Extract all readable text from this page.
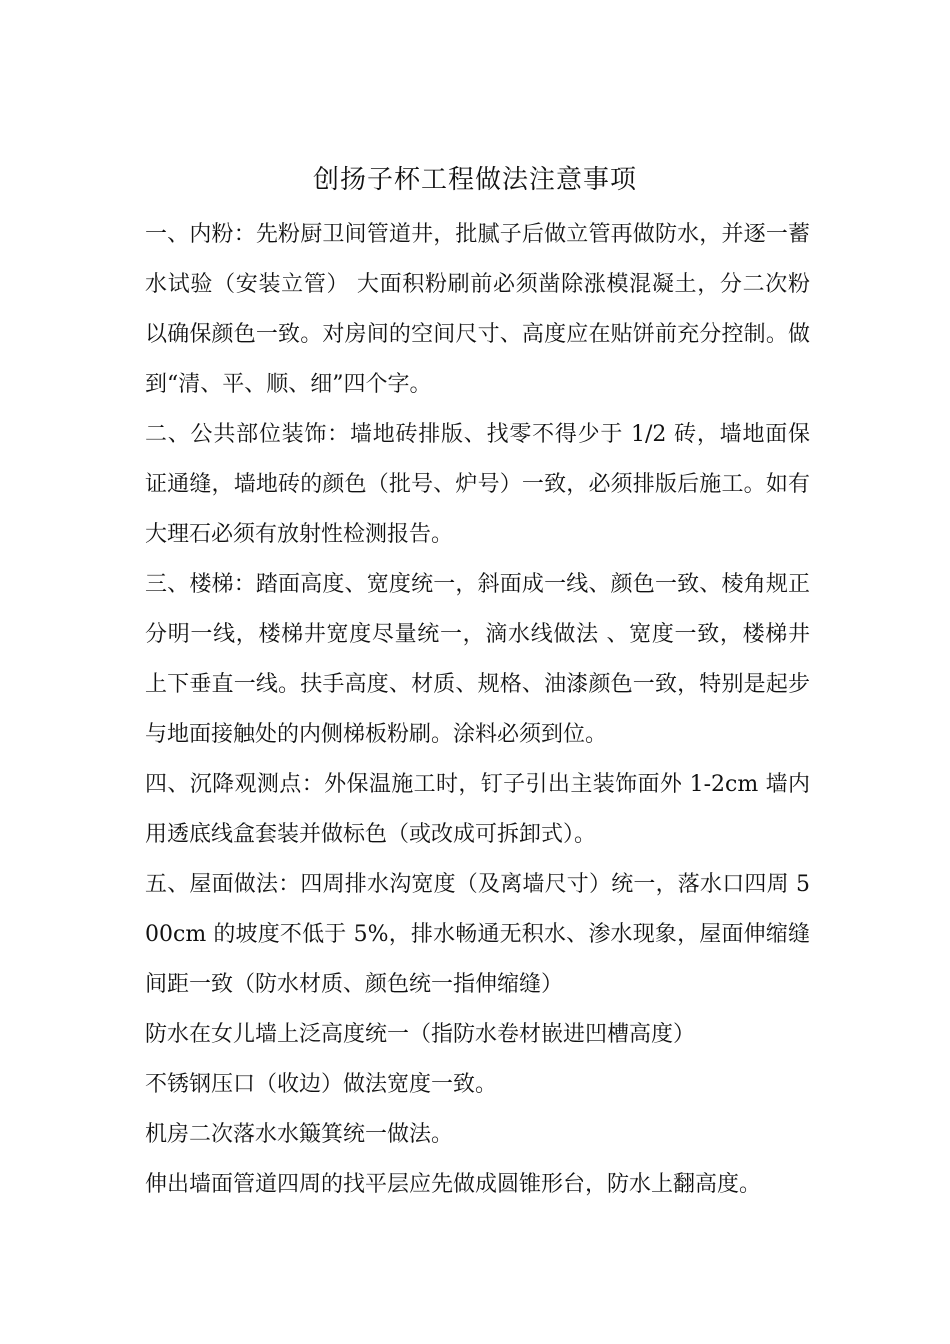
创扬子杯工程做法注意事项

一、内粉：先粉厨卫间管道井，批腻子后做立管再做防水，并逐一蓄水试验（安装立管） 大面积粉刷前必须凿除涨模混凝土，分二次粉以确保颜色一致。对房间的空间尺寸、高度应在贴饼前充分控制。做到“清、平、顺、细”四个字。

二、公共部位装饰：墙地砖排版、找零不得少于 1/2 砖，墙地面保证通缝，墙地砖的颜色（批号、炉号）一致，必须排版后施工。如有大理石必须有放射性检测报告。

三、楼梯：踏面高度、宽度统一，斜面成一线、颜色一致、棱角规正分明一线，楼梯井宽度尽量统一，滴水线做法 、宽度一致，楼梯井上下垂直一线。扶手高度、材质、规格、油漆颜色一致，特别是起步与地面接触处的内侧梯板粉刷。涂料必须到位。

四、沉降观测点：外保温施工时，钉子引出主装饰面外 1-2cm 墙内用透底线盒套装并做标色（或改成可拆卸式）。

五、屋面做法：四周排水沟宽度（及离墙尺寸）统一，落水口四周 500cm 的坡度不低于 5%，排水畅通无积水、渗水现象，屋面伸缩缝间距一致（防水材质、颜色统一指伸缩缝）

防水在女儿墙上泛高度统一（指防水卷材嵌进凹槽高度）

不锈钢压口（收边）做法宽度一致。

机房二次落水水簸箕统一做法。

伸出墙面管道四周的找平层应先做成圆锥形台，防水上翻高度。
